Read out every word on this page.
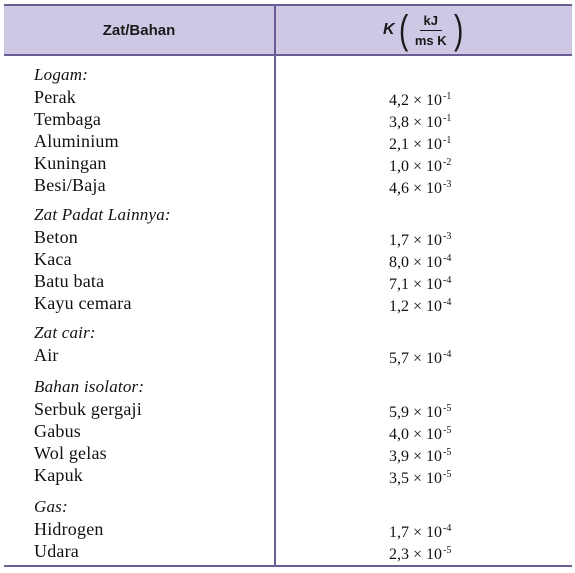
Zat/Bahan	K ( $\frac{kJ}{\text{ms K}}$ )
Logam:
Perak	$4,2 \times 10^{-1}$
Tembaga	$3,8 \times 10^{-1}$
Aluminium	$2,1 \times 10^{-1}$
Kuningan	$1,0 \times 10^{-2}$
Besi/Baja	$4,6 \times 10^{-3}$
Zat Padat Lainnya:
Beton	$1,7 \times 10^{-3}$
Kaca	$8,0 \times 10^{-4}$
Batu bata	$7,1 \times 10^{-4}$
Kayu cemara	$1,2 \times 10^{-4}$
Zat cair:
Air	$5,7 \times 10^{-4}$
Bahan isolator:
Serbuk gergaji	$5,9 \times 10^{-5}$
Gabus	$4,0 \times 10^{-5}$
Wol gelas	$3,9 \times 10^{-5}$
Kapuk	$3,5 \times 10^{-5}$
Gas:
Hidrogen	$1,7 \times 10^{-4}$
Udara	$2,3 \times 10^{-5}$
